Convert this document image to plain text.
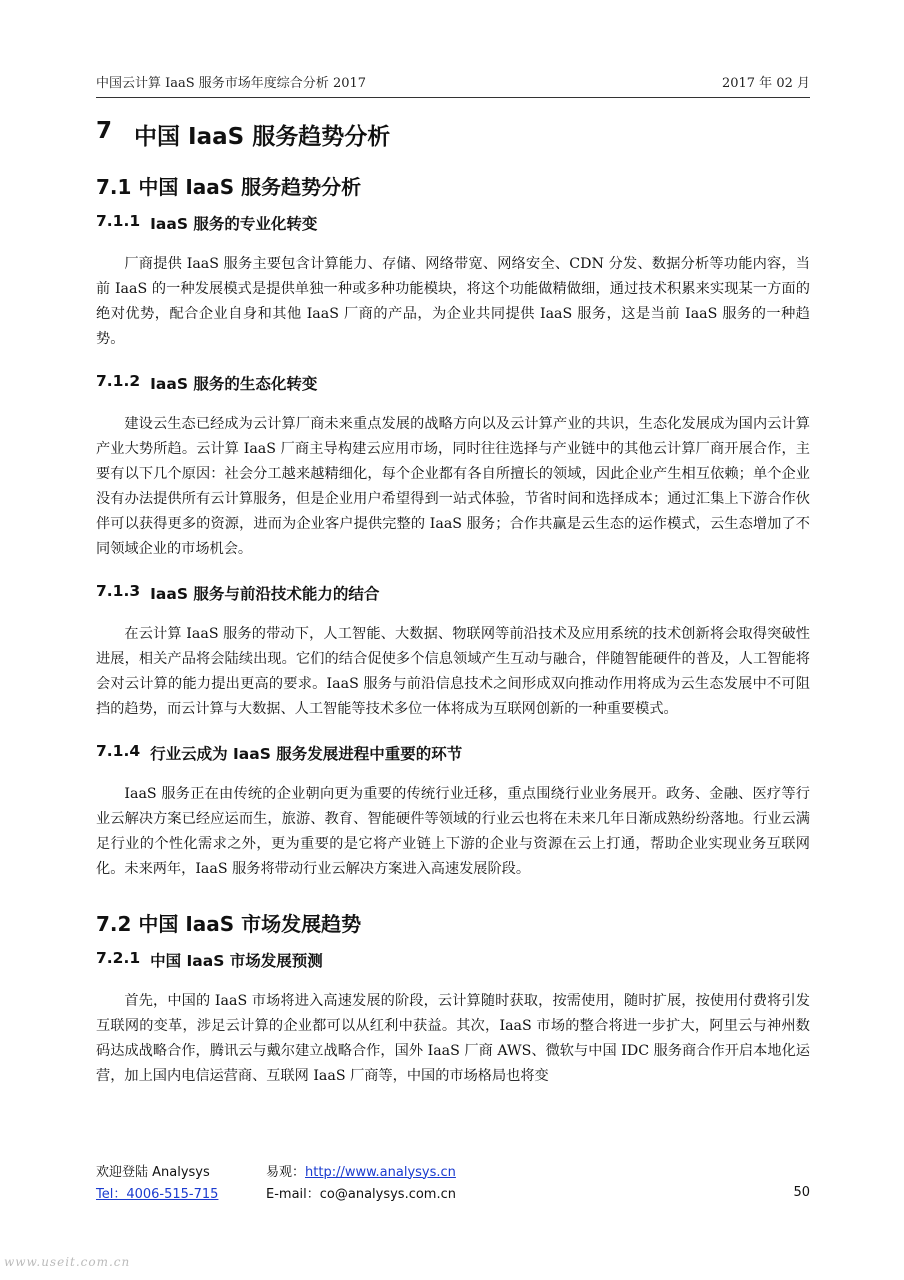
中国云计算 IaaS 服务市场年度综合分析 2017	2017 年 02 月
7 中国 IaaS 服务趋势分析
7.1 中国 IaaS 服务趋势分析
7.1.1 IaaS 服务的专业化转变

厂商提供 IaaS 服务主要包含计算能力、存储、网络带宽、网络安全、CDN 分发、数据分析等功能内容，当前 IaaS 的一种发展模式是提供单独一种或多种功能模块，将这个功能做精做细，通过技术积累来实现某一方面的绝对优势，配合企业自身和其他 IaaS 厂商的产品，为企业共同提供 IaaS 服务，这是当前 IaaS 服务的一种趋势。

7.1.2 IaaS 服务的生态化转变

建设云生态已经成为云计算厂商未来重点发展的战略方向以及云计算产业的共识，生态化发展成为国内云计算产业大势所趋。云计算 IaaS 厂商主导构建云应用市场，同时往往选择与产业链中的其他云计算厂商开展合作，主要有以下几个原因：社会分工越来越精细化，每个企业都有各自所擅长的领域，因此企业产生相互依赖；单个企业没有办法提供所有云计算服务，但是企业用户希望得到一站式体验，节省时间和选择成本；通过汇集上下游合作伙伴可以获得更多的资源，进而为企业客户提供完整的 IaaS 服务；合作共赢是云生态的运作模式，云生态增加了不同领域企业的市场机会。

7.1.3 IaaS 服务与前沿技术能力的结合

在云计算 IaaS 服务的带动下，人工智能、大数据、物联网等前沿技术及应用系统的技术创新将会取得突破性进展，相关产品将会陆续出现。它们的结合促使多个信息领域产生互动与融合，伴随智能硬件的普及，人工智能将会对云计算的能力提出更高的要求。IaaS 服务与前沿信息技术之间形成双向推动作用将成为云生态发展中不可阻挡的趋势，而云计算与大数据、人工智能等技术多位一体将成为互联网创新的一种重要模式。

7.1.4 行业云成为 IaaS 服务发展进程中重要的环节

IaaS 服务正在由传统的企业朝向更为重要的传统行业迁移，重点围绕行业业务展开。政务、金融、医疗等行业云解决方案已经应运而生，旅游、教育、智能硬件等领域的行业云也将在未来几年日渐成熟纷纷落地。行业云满足行业的个性化需求之外，更为重要的是它将产业链上下游的企业与资源在云上打通，帮助企业实现业务互联网化。未来两年，IaaS 服务将带动行业云解决方案进入高速发展阶段。

7.2 中国 IaaS 市场发展趋势
7.2.1 中国 IaaS 市场发展预测

首先，中国的 IaaS 市场将进入高速发展的阶段，云计算随时获取，按需使用，随时扩展，按使用付费将引发互联网的变革，涉足云计算的企业都可以从红利中获益。其次，IaaS 市场的整合将进一步扩大，阿里云与神州数码达成战略合作，腾讯云与戴尔建立战略合作，国外 IaaS 厂商 AWS、微软与中国 IDC 服务商合作开启本地化运营，加上国内电信运营商、互联网 IaaS 厂商等，中国的市场格局也将变

欢迎登陆 Analysys	易观：http://www.analysys.cn
Tel：4006-515-715	E-mail：co@analysys.com.cn	50
www.useit.com.cn
